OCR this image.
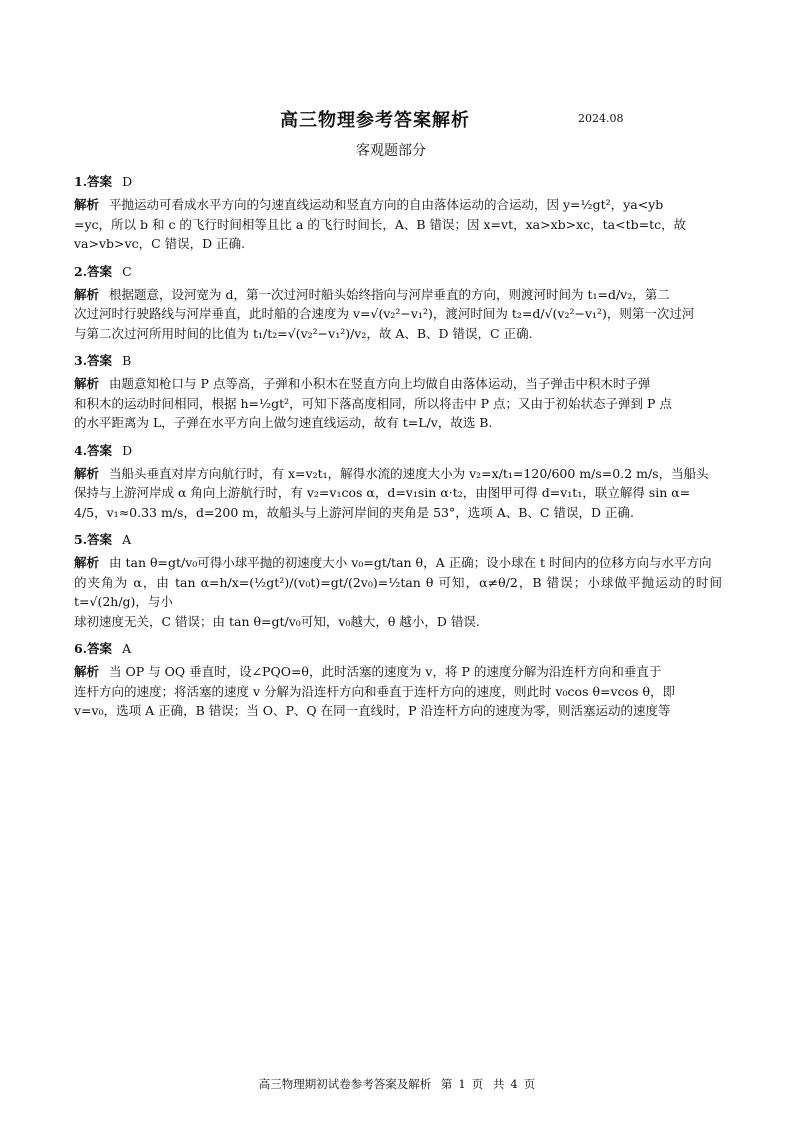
高三物理参考答案解析	2024.08
客观题部分
1.答案 D
解析 平抛运动可看成水平方向的匀速直线运动和竖直方向的自由落体运动的合运动，因 y=½gt²，ya<yb
=yc，所以 b 和 c 的飞行时间相等且比 a 的飞行时间长，A、B 错误；因 x=vt，xa>xb>xc，ta<tb=tc，故
va>vb>vc，C 错误，D 正确.
2.答案 C
解析 根据题意，设河宽为 d，第一次过河时船头始终指向与河岸垂直的方向，则渡河时间为 t₁=d/v₂，第二
次过河时行驶路线与河岸垂直，此时船的合速度为 v=√(v₂²−v₁²)，渡河时间为 t₂=d/√(v₂²−v₁²)，则第一次过河
与第二次过河所用时间的比值为 t₁/t₂=√(v₂²−v₁²)/v₂，故 A、B、D 错误，C 正确.
3.答案 B
解析 由题意知枪口与 P 点等高，子弹和小积木在竖直方向上均做自由落体运动，当子弹击中积木时子弹
和积木的运动时间相同，根据 h=½gt²，可知下落高度相同，所以将击中 P 点；又由于初始状态子弹到 P 点
的水平距离为 L，子弹在水平方向上做匀速直线运动，故有 t=L/v，故选 B.
4.答案 D
解析 当船头垂直对岸方向航行时，有 x=v₂t₁，解得水流的速度大小为 v₂=x/t₁=120/600 m/s=0.2 m/s，当船头
保持与上游河岸成 α 角向上游航行时，有 v₂=v₁cos α，d=v₁sin α·t₂，由图甲可得 d=v₁t₁，联立解得 sin α=
4/5，v₁≈0.33 m/s，d=200 m，故船头与上游河岸间的夹角是 53°，选项 A、B、C 错误，D 正确.
5.答案 A
解析 由 tan θ=gt/v₀可得小球平抛的初速度大小 v₀=gt/tan θ，A 正确；设小球在 t 时间内的位移方向与水平方向
的夹角为 α，由 tan α=h/x=(½gt²)/(v₀t)=gt/(2v₀)=½tan θ 可知，α≠θ/2，B 错误；小球做平抛运动的时间 t=√(2h/g)，与小
球初速度无关，C 错误；由 tan θ=gt/v₀可知，v₀越大，θ 越小，D 错误.
6.答案 A
解析 当 OP 与 OQ 垂直时，设∠PQO=θ，此时活塞的速度为 v，将 P 的速度分解为沿连杆方向和垂直于
连杆方向的速度；将活塞的速度 v 分解为沿连杆方向和垂直于连杆方向的速度，则此时 v₀cos θ=vcos θ，即
v=v₀，选项 A 正确，B 错误；当 O、P、Q 在同一直线时，P 沿连杆方向的速度为零，则活塞运动的速度等
高三物理期初试卷参考答案及解析 第 1 页 共 4 页
